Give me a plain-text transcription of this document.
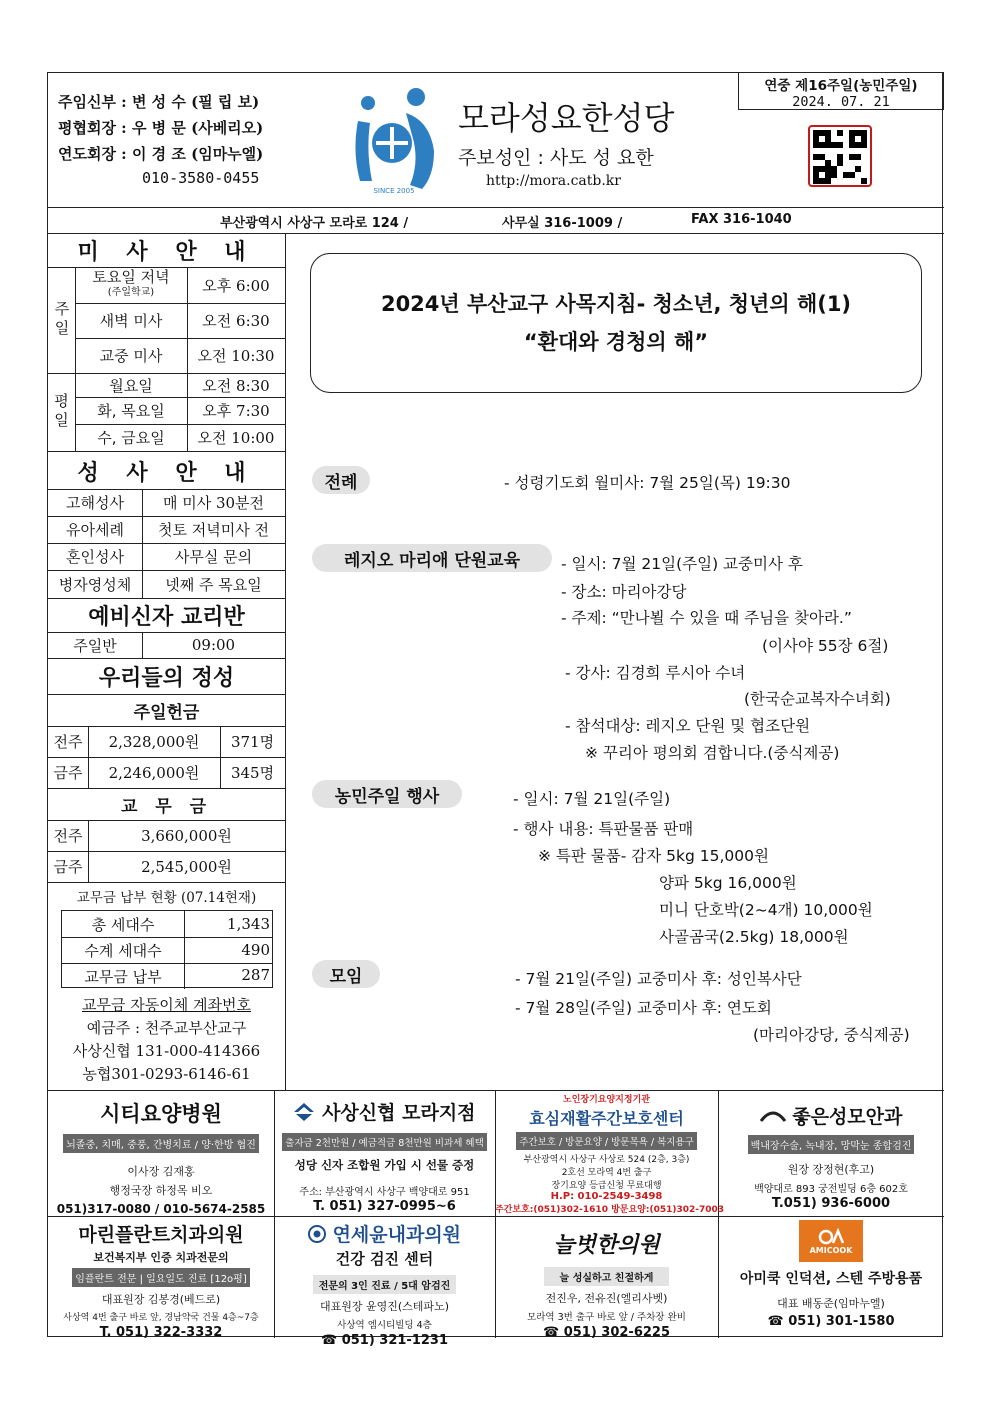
주임신부 : 변 성 수 (필 립 보)
평협회장 : 우 병 문 (사베리오)
연도회장 : 이 경 조 (임마누엘)
010-3580-0455
SINCE 2005
모라성요한성당
주보성인 : 사도 성 요한
http://mora.catb.kr
연중 제16주일(농민주일)
2024. 07. 21
부산광역시 사상구 모라로 124 /	사무실 316-1009 /	FAX 316-1040
미 사 안 내
주일
토요일 저녁
(주일학교)	오후 6:00
새벽 미사	오전 6:30
교중 미사	오전 10:30
평일
월요일	오전 8:30
화, 목요일	오후 7:30
수, 금요일	오전 10:00
성 사 안 내
고해성사	매 미사 30분전
유아세례	첫토 저녁미사 전
혼인성사	사무실 문의
병자영성체	넷째 주 목요일
예비신자 교리반
주일반	09:00
우리들의 정성
주일헌금
전주	2,328,000원	371명
금주	2,246,000원	345명
교 무 금
전주	3,660,000원
금주	2,545,000원
교무금 납부 현황 (07.14현재)
총 세대수	1,343
수계 세대수	490
교무금 납부	287
교무금 자동이체 계좌번호
예금주 : 천주교부산교구
사상신협 131-000-414366
농협301-0293-6146-61
2024년 부산교구 사목지침- 청소년, 청년의 해(1)
“환대와 경청의 해”
전례	- 성령기도회 월미사: 7월 25일(목) 19:30
레지오 마리애 단원교육	- 일시: 7월 21일(주일) 교중미사 후
- 장소: 마리아강당
- 주제: “만나뵐 수 있을 때 주님을 찾아라.”
(이사야 55장 6절)
- 강사: 김경희 루시아 수녀
(한국순교복자수녀회)
- 참석대상: 레지오 단원 및 협조단원
※ 꾸리아 평의회 겸합니다.(중식제공)
농민주일 행사	- 일시: 7월 21일(주일)
- 행사 내용: 특판물품 판매
※ 특판 물품- 감자 5kg 15,000원
양파 5kg 16,000원
미니 단호박(2~4개) 10,000원
사골곰국(2.5kg) 18,000원
모임	- 7월 21일(주일) 교중미사 후: 성인복사단
- 7월 28일(주일) 교중미사 후: 연도회
(마리아강당, 중식제공)
시티요양병원
뇌졸중, 치매, 중풍, 간병치료 / 양·한방 협진
이사장 김재홍
행정국장 하정목 비오
051)317-0080 / 010-5674-2585
사상신협 모라지점
출자금 2천만원 / 예금적금 8천만원 비과세 혜택
성당 신자 조합원 가입 시 선물 증정
주소: 부산광역시 사상구 백양대로 951
T. 051) 327-0995~6
노인장기요양지정기관
효심재활주간보호센터
주간보호 / 방문요양 / 방문목욕 / 복지용구
부산광역시 사상구 사상로 524 (2층, 3층)
2호선 모라역 4번 출구
장기요양 등급신청 무료대행
H.P: 010-2549-3498
주간보호:(051)302-1610 방문요양:(051)302-7003
좋은성모안과
백내장수술, 녹내장, 망막눈 종합검진
원장 장정현(후고)
백양대로 893 궁전빌딩 6층 602호
T.051) 936-6000
마린플란트치과의원
보건복지부 인증 치과전문의
임플란트 전문 | 일요일도 진료 [12o평]
대표원장 김봉경(베드로)
사상역 4번 출구 바로 앞, 경남약국 건물 4층~7층
T. 051) 322-3332
연세윤내과의원
건강 검진 센터
전문의 3인 진료 / 5대 암검진
대표원장 윤영진(스테파노)
사상역 엠시티빌딩 4층
☎ 051) 321-1231
늘벗한의원
늘 성실하고 친절하게
전진우, 전유진(엘리사벳)
모라역 3번 출구 바로 앞 / 주차장 완비
☎ 051) 302-6225
AMICOOK
아미쿡 인덕션, 스텐 주방용품
대표 배동준(임마누엘)
☎ 051) 301-1580
